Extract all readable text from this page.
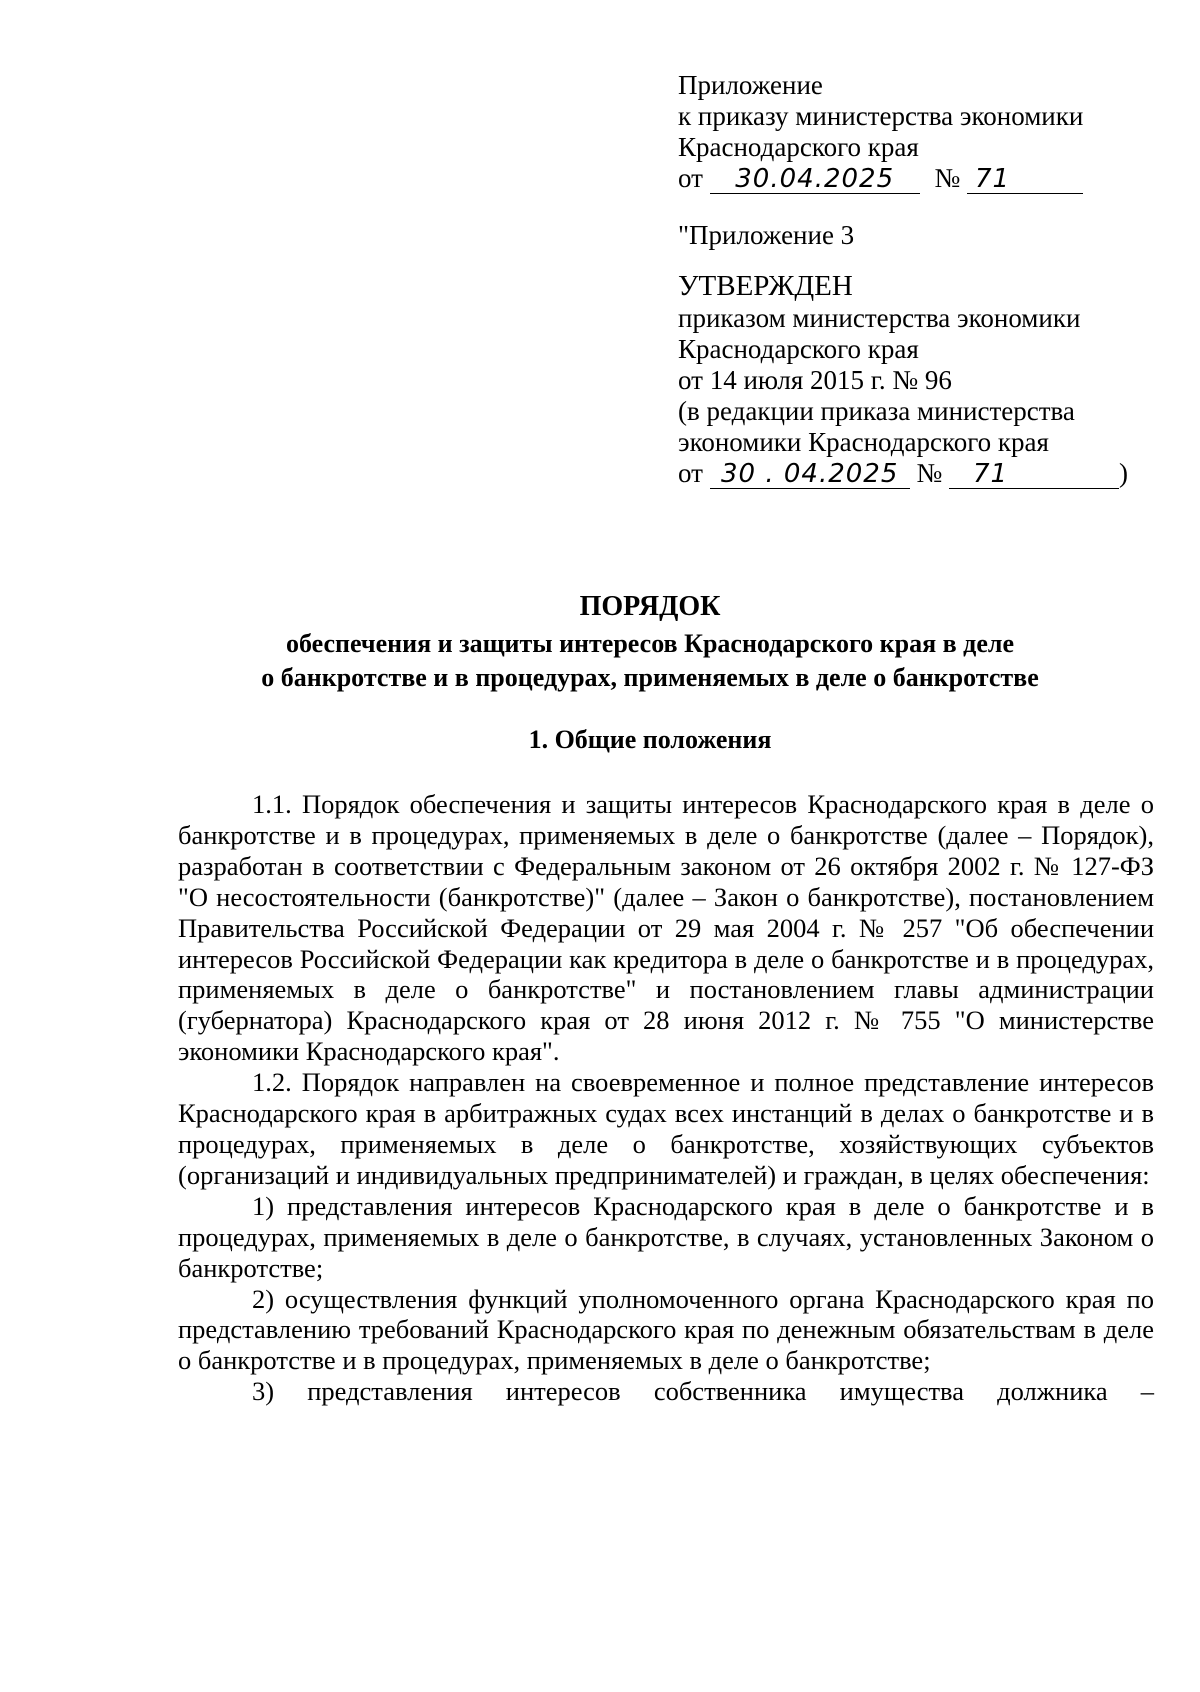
Приложение
к приказу министерства экономики
Краснодарского края
от 30.04.2025 № 71
"Приложение 3
УТВЕРЖДЕН
приказом министерства экономики
Краснодарского края
от 14 июля 2015 г. № 96
(в редакции приказа министерства
экономики Краснодарского края
от 30 . 04.2025 № 71	)
ПОРЯДОК
обеспечения и защиты интересов Краснодарского края в деле
о банкротстве и в процедурах, применяемых в деле о банкротстве
1. Общие положения

1.1. Порядок обеспечения и защиты интересов Краснодарского края в деле о банкротстве и в процедурах, применяемых в деле о банкротстве (далее – Порядок), разработан в соответствии с Федеральным законом от 26 октября 2002 г. № 127-ФЗ "О несостоятельности (банкротстве)" (далее – Закон о банкротстве), постановлением Правительства Российской Федерации от 29 мая 2004 г. № 257 "Об обеспечении интересов Российской Федерации как кредитора в деле о банкротстве и в процедурах, применяемых в деле о банкротстве" и постановлением главы администрации (губернатора) Краснодарского края от 28 июня 2012 г. № 755 "О министерстве экономики Краснодарского края".

1.2. Порядок направлен на своевременное и полное представление интересов Краснодарского края в арбитражных судах всех инстанций в делах о банкротстве и в процедурах, применяемых в деле о банкротстве, хозяйствующих субъектов (организаций и индивидуальных предпринимателей) и граждан, в целях обеспечения:

1) представления интересов Краснодарского края в деле о банкротстве и в процедурах, применяемых в деле о банкротстве, в случаях, установленных Законом о банкротстве;

2) осуществления функций уполномоченного органа Краснодарского края по представлению требований Краснодарского края по денежным обязательствам в деле о банкротстве и в процедурах, применяемых в деле о банкротстве;

3) представления интересов собственника имущества должника –
